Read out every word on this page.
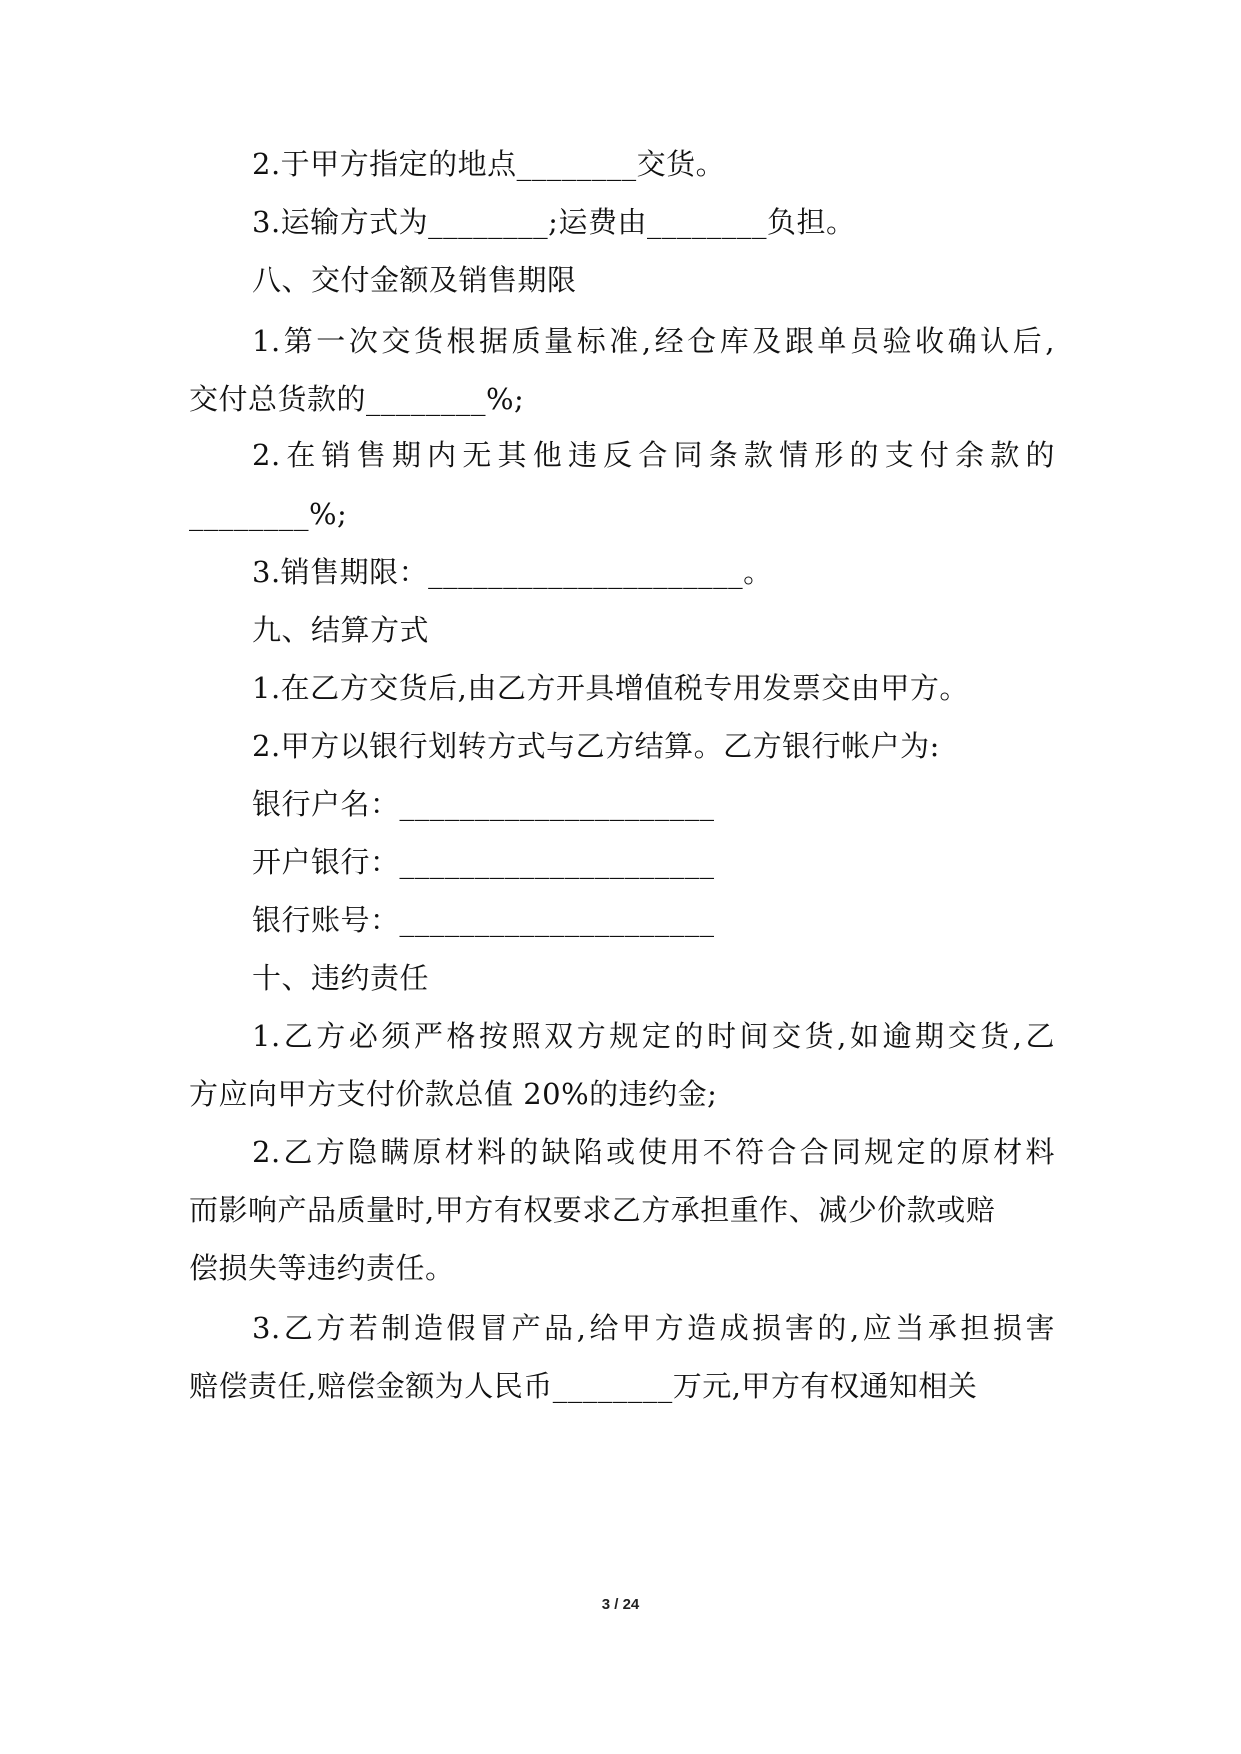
2.于甲方指定的地点________交货。
3.运输方式为________;运费由________负担。
八、交付金额及销售期限
1.第一次交货根据质量标准,经仓库及跟单员验收确认后,
交付总货款的________%;
2.在销售期内无其他违反合同条款情形的支付余款的
________%;
3.销售期限：_____________________。
九、结算方式
1.在乙方交货后,由乙方开具增值税专用发票交由甲方。
2.甲方以银行划转方式与乙方结算。乙方银行帐户为:
银行户名：_____________________
开户银行：_____________________
银行账号：_____________________
十、违约责任
1.乙方必须严格按照双方规定的时间交货,如逾期交货,乙
方应向甲方支付价款总值 20%的违约金;
2.乙方隐瞒原材料的缺陷或使用不符合合同规定的原材料
而影响产品质量时,甲方有权要求乙方承担重作、减少价款或赔
偿损失等违约责任。
3.乙方若制造假冒产品,给甲方造成损害的,应当承担损害
赔偿责任,赔偿金额为人民币________万元,甲方有权通知相关
3 / 24
